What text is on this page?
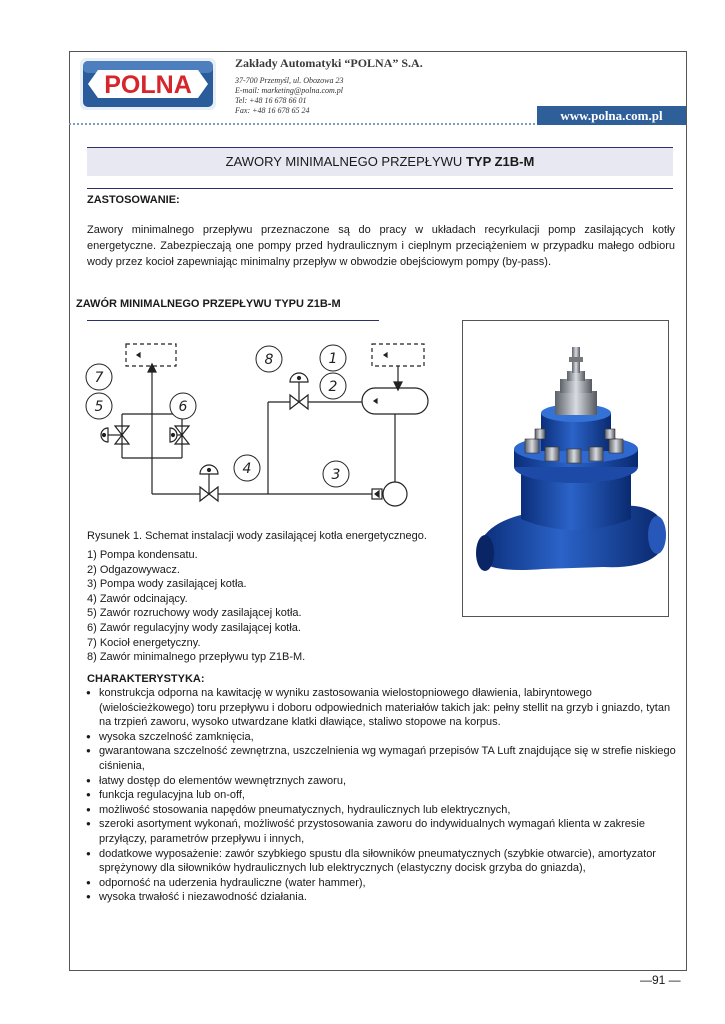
POLNA
Zakłady Automatyki “POLNA” S.A.
37-700 Przemyśl, ul. Obozowa 23
E-mail: marketing@polna.com.pl
Tel: +48 16 678 66 01
Fax: +48 16 678 65 24	www.polna.com.pl
ZAWORY MINIMALNEGO PRZEPŁYWU TYP Z1B-M
ZASTOSOWANIE:
Zawory minimalnego przepływu przeznaczone są do pracy w układach recyrkulacji pomp zasilających kotły energetyczne. Zabezpieczają one pompy przed hydraulicznym i cieplnym przeciążeniem w przypadku małego odbioru wody przez kocioł zapewniając minimalny przepływ w obwodzie obejściowym pompy (by-pass).
ZAWÓR MINIMALNEGO PRZEPŁYWU TYPU Z1B-M
7
5	6
8	1
2
4	3
Rysunek 1. Schemat instalacji wody zasilającej kotła energetycznego.
1) Pompa kondensatu.
2) Odgazowywacz.
3) Pompa wody zasilającej kotła.
4) Zawór odcinający.
5) Zawór rozruchowy wody zasilającej kotła.
6) Zawór regulacyjny wody zasilającej kotła.
7) Kocioł energetyczny.
8) Zawór minimalnego przepływu typ Z1B-M.
CHARAKTERYSTYKA:
● konstrukcja odporna na kawitację w wyniku zastosowania wielostopniowego dławienia, labiryntowego (wielościeżkowego) toru przepływu i doboru odpowiednich materiałów takich jak: pełny stellit na grzyb i gniazdo, tytan na trzpień zaworu, wysoko utwardzane klatki dławiące, staliwo stopowe na korpus.
● wysoka szczelność zamknięcia,
● gwarantowana szczelność zewnętrzna, uszczelnienia wg wymagań przepisów TA Luft znajdujące się w strefie niskiego ciśnienia,
● łatwy dostęp do elementów wewnętrznych zaworu,
● funkcja regulacyjna lub on-off,
● możliwość stosowania napędów pneumatycznych, hydraulicznych lub elektrycznych,
● szeroki asortyment wykonań, możliwość przystosowania zaworu do indywidualnych wymagań klienta w zakresie przyłączy, parametrów przepływu i innych,
● dodatkowe wyposażenie: zawór szybkiego spustu dla siłowników pneumatycznych (szybkie otwarcie), amortyzator sprężynowy dla siłowników hydraulicznych lub elektrycznych (elastyczny docisk grzyba do gniazda),
● odporność na uderzenia hydrauliczne (water hammer),
● wysoka trwałość i niezawodność działania.
—91 —
